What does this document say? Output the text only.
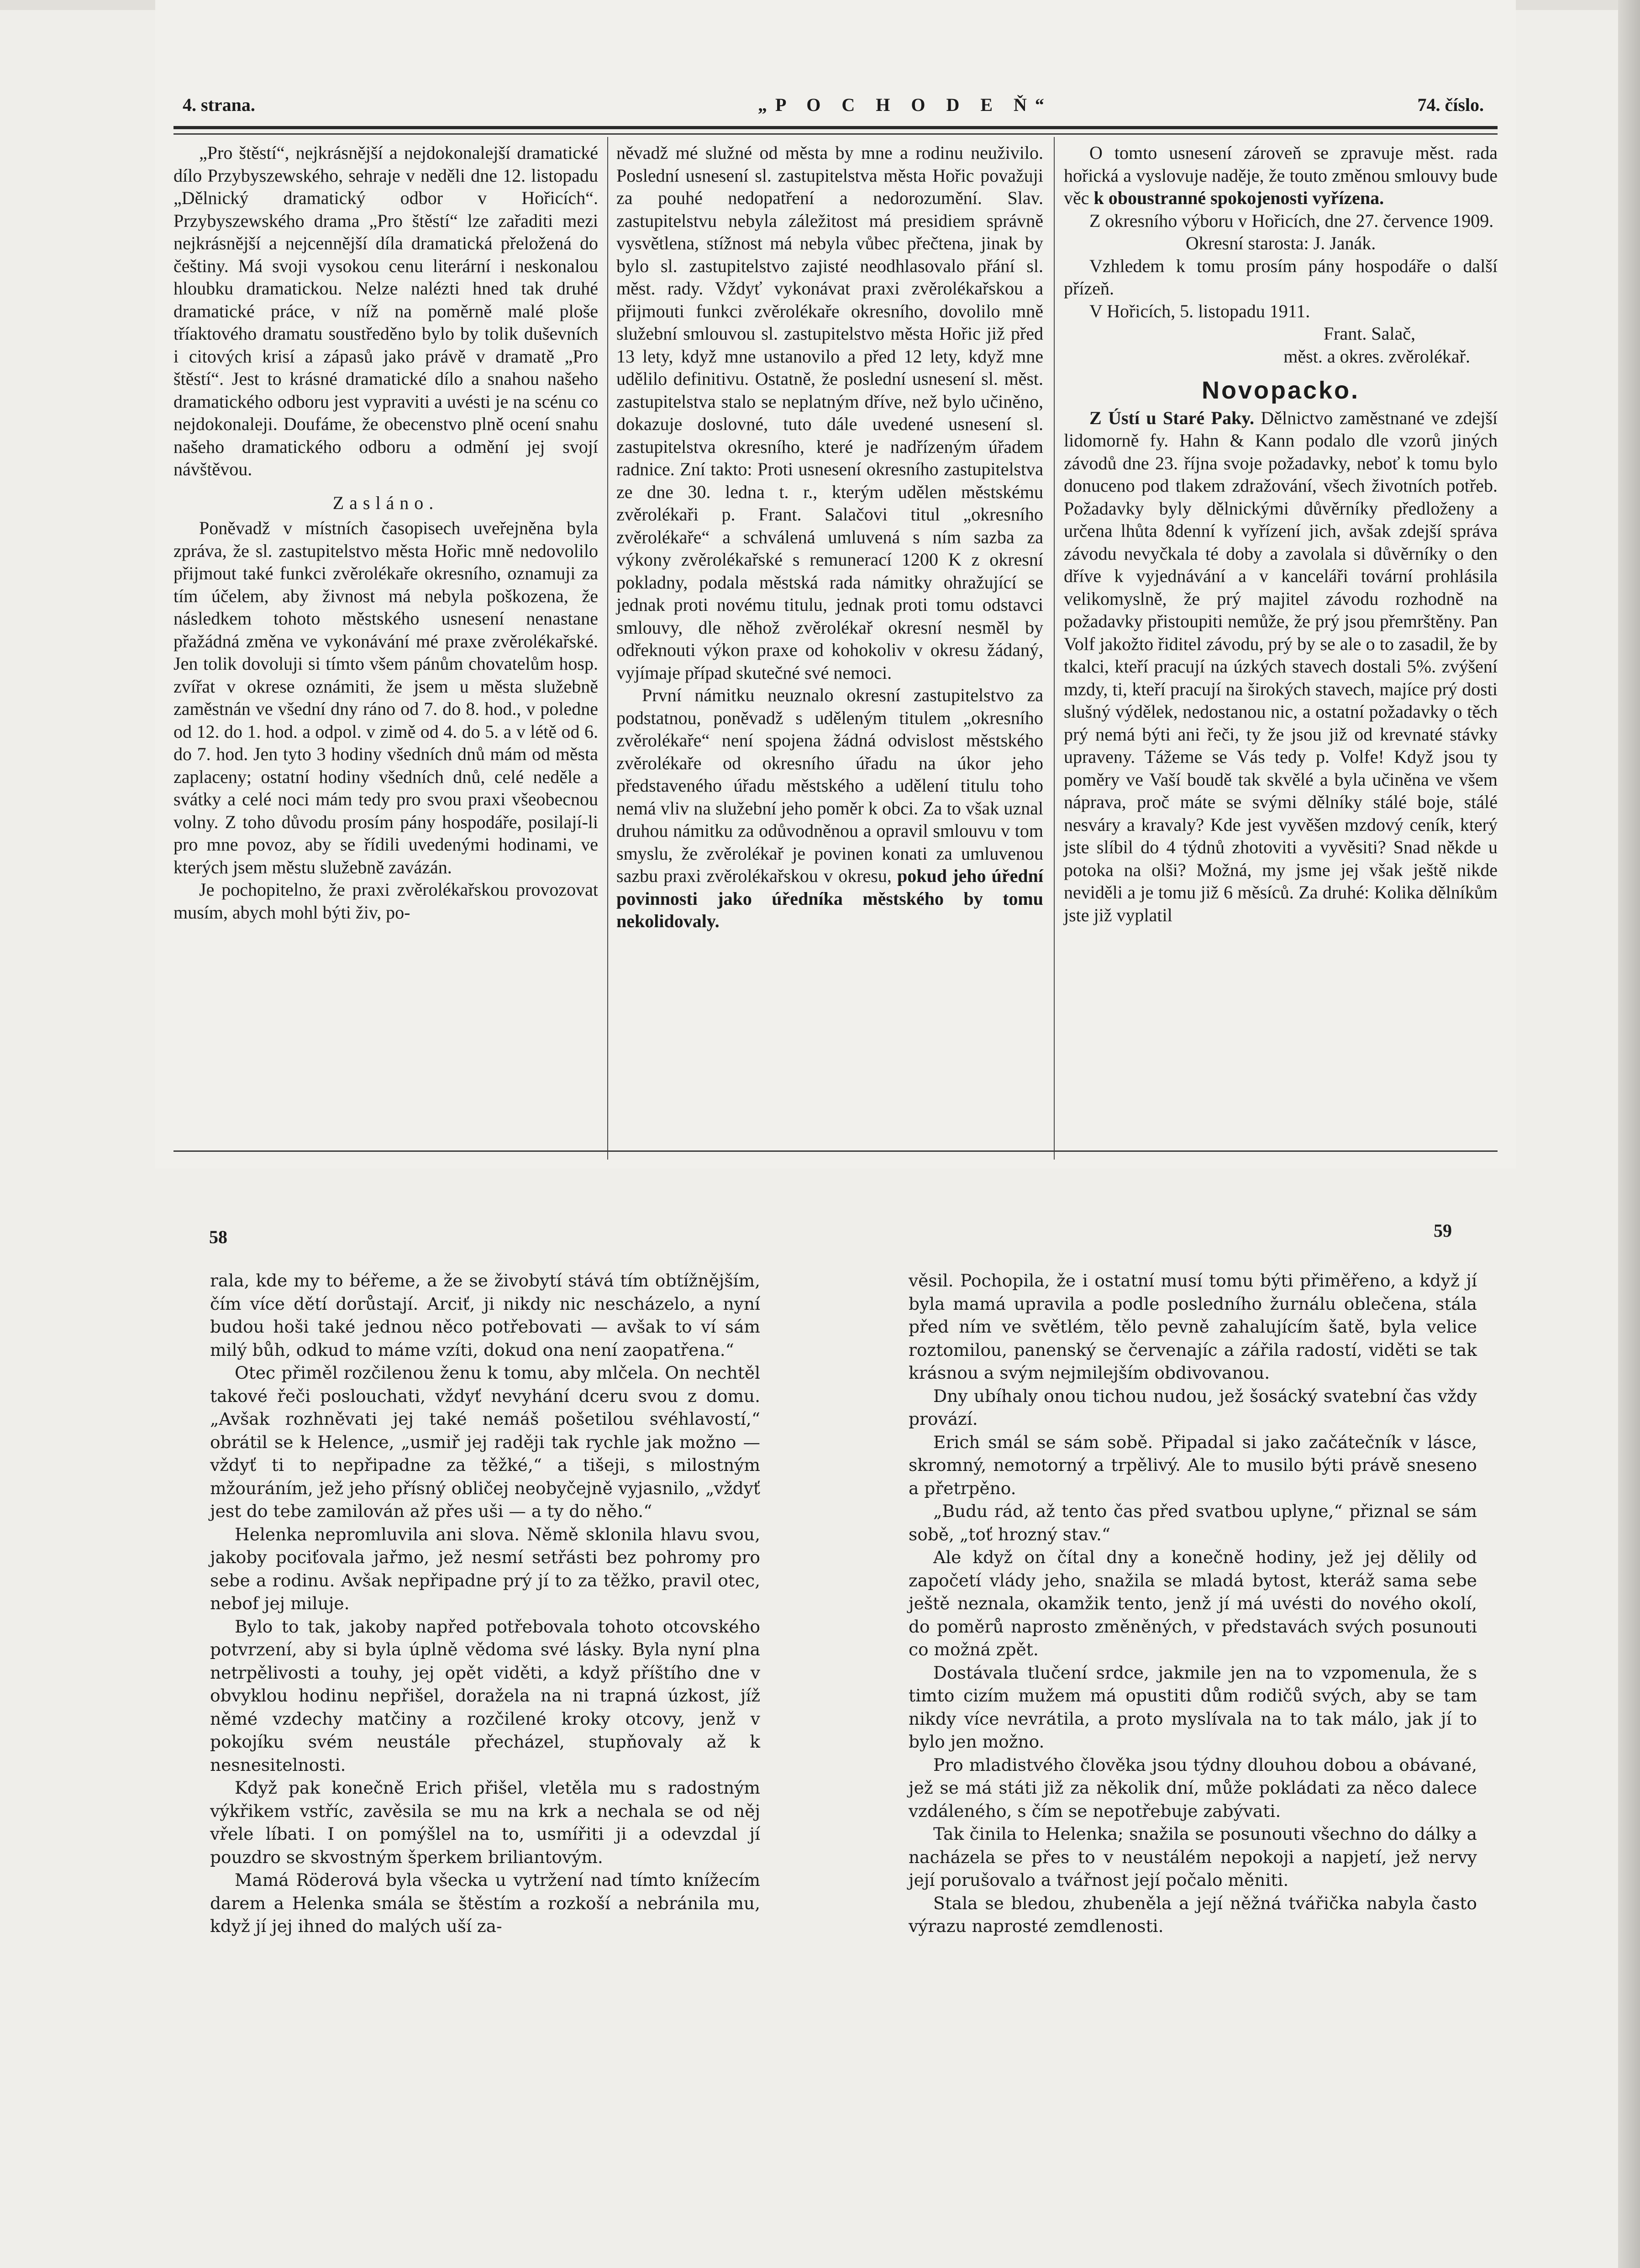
4. strana.	„P O C H O D E Ň“	74. číslo.

„Pro štěstí“, nejkrásnější a nejdokonalejší dramatické dílo Przybyszewského, sehraje v neděli dne 12. listopadu „Dělnický dramatický odbor v Hořicích“. Przybyszewského drama „Pro štěstí“ lze zařaditi mezi nejkrásnější a nejcennější díla dramatická přeložená do češtiny. Má svoji vysokou cenu literární i neskonalou hloubku dramatickou. Nelze nalézti hned tak druhé dramatické práce, v níž na poměrně malé ploše tříaktového dramatu soustředěno bylo by tolik duševních i citových krisí a zápasů jako právě v dramatě „Pro štěstí“. Jest to krásné dramatické dílo a snahou našeho dramatického odboru jest vypraviti a uvésti je na scénu co nejdokonaleji. Doufáme, že obecenstvo plně ocení snahu našeho dramatického odboru a odmění jej svojí návštěvou.

Zasláno.

Poněvadž v místních časopisech uveřejněna byla zpráva, že sl. zastupitelstvo města Hořic mně nedovolilo přijmout také funkci zvěrolékaře okresního, oznamuji za tím účelem, aby živnost má nebyla poškozena, že následkem tohoto městského usnesení nenastane přažádná změna ve vykonávání mé praxe zvěrolékařské. Jen tolik dovoluji si tímto všem pánům chovatelům hosp. zvířat v okrese oznámiti, že jsem u města služebně zaměstnán ve všední dny ráno od 7. do 8. hod., v poledne od 12. do 1. hod. a odpol. v zimě od 4. do 5. a v létě od 6. do 7. hod. Jen tyto 3 hodiny všedních dnů mám od města zaplaceny; ostatní hodiny všedních dnů, celé neděle a svátky a celé noci mám tedy pro svou praxi všeobecnou volny. Z toho důvodu prosím pány hospodáře, posilají-li pro mne povoz, aby se řídili uvedenými hodinami, ve kterých jsem městu služebně zavázán.

Je pochopitelno, že praxi zvěrolékařskou provozovat musím, abych mohl býti živ, po-

něvadž mé služné od města by mne a rodinu neuživilo. Poslední usnesení sl. zastupitelstva města Hořic považuji za pouhé nedopatření a nedorozumění. Slav. zastupitelstvu nebyla záležitost má presidiem správně vysvětlena, stížnost má nebyla vůbec přečtena, jinak by bylo sl. zastupitelstvo zajisté neodhlasovalo přání sl. měst. rady. Vždyť vykonávat praxi zvěrolékařskou a přijmouti funkci zvěrolékaře okresního, dovolilo mně služební smlouvou sl. zastupitelstvo města Hořic již před 13 lety, když mne ustanovilo a před 12 lety, když mne udělilo definitivu. Ostatně, že poslední usnesení sl. měst. zastupitelstva stalo se neplatným dříve, než bylo učiněno, dokazuje doslovné, tuto dále uvedené usnesení sl. zastupitelstva okresního, které je nadřízeným úřadem radnice. Zní takto: Proti usnesení okresního zastupitelstva ze dne 30. ledna t. r., kterým udělen městskému zvěrolékaři p. Frant. Salačovi titul „okresního zvěrolékaře“ a schválená umluvená s ním sazba za výkony zvěrolékařské s remunerací 1200 K z okresní pokladny, podala městská rada námitky ohražující se jednak proti novému titulu, jednak proti tomu odstavci smlouvy, dle něhož zvěrolékař okresní nesměl by odřeknouti výkon praxe od kohokoliv v okresu žádaný, vyjímaje případ skutečné své nemoci.

První námitku neuznalo okresní zastupitelstvo za podstatnou, poněvadž s uděleným titulem „okresního zvěrolékaře“ není spojena žádná odvislost městského zvěrolékaře od okresního úřadu na úkor jeho představeného úřadu městského a udělení titulu toho nemá vliv na služební jeho poměr k obci. Za to však uznal druhou námitku za odůvodněnou a opravil smlouvu v tom smyslu, že zvěrolékař je povinen konati za umluvenou sazbu praxi zvěrolékařskou v okresu, pokud jeho úřední povinnosti jako úředníka městského by tomu nekolidovaly.

O tomto usnesení zároveň se zpravuje měst. rada hořická a vyslovuje naděje, že touto změnou smlouvy bude věc k oboustranné spokojenosti vyřízena.

Z okresního výboru v Hořicích, dne 27. července 1909.

Okresní starosta: J. Janák.

Vzhledem k tomu prosím pány hospodáře o další přízeň.

V Hořicích, 5. listopadu 1911.

Frant. Salač,

měst. a okres. zvěrolékař.

Novopacko.

Z Ústí u Staré Paky. Dělnictvo zaměstnané ve zdejší lidomorně fy. Hahn & Kann podalo dle vzorů jiných závodů dne 23. října svoje požadavky, neboť k tomu bylo donuceno pod tlakem zdražování, všech životních potřeb. Požadavky byly dělnickými důvěrníky předloženy a určena lhůta 8denní k vyřízení jich, avšak zdejší správa závodu nevyčkala té doby a zavolala si důvěrníky o den dříve k vyjednávání a v kanceláři tovární prohlásila velikomyslně, že prý majitel závodu rozhodně na požadavky přistoupiti nemůže, že prý jsou přemrštěny. Pan Volf jakožto řiditel závodu, prý by se ale o to zasadil, že by tkalci, kteří pracují na úzkých stavech dostali 5%. zvýšení mzdy, ti, kteří pracují na širokých stavech, majíce prý dosti slušný výdělek, nedostanou nic, a ostatní požadavky o těch prý nemá býti ani řeči, ty že jsou již od krevnaté stávky upraveny. Tážeme se Vás tedy p. Volfe! Když jsou ty poměry ve Vaší boudě tak skvělé a byla učiněna ve všem náprava, proč máte se svými dělníky stálé boje, stálé nesváry a kravaly? Kde jest vyvěšen mzdový ceník, který jste slíbil do 4 týdnů zhotoviti a vyvěsiti? Snad někde u potoka na olši? Možná, my jsme jej však ještě nikde neviděli a je tomu již 6 měsíců. Za druhé: Kolika dělníkům jste již vyplatil

58	59

rala, kde my to béřeme, a že se živobytí stává tím obtížnějším, čím více dětí dorůstají. Arciť, ji nikdy nic nescházelo, a nyní budou hoši také jednou něco potřebovati — avšak to ví sám milý bůh, odkud to máme vzíti, dokud ona není zaopatřena.“

Otec přiměl rozčilenou ženu k tomu, aby mlčela. On nechtěl takové řeči poslouchati, vždyť nevyhání dceru svou z domu. „Avšak rozhněvati jej také nemáš pošetilou svéhlavostí,“ obrátil se k Helence, „usmiř jej raději tak rychle jak možno — vždyť ti to nepřipadne za těžké,“ a tišeji, s milostným mžouráním, jež jeho přísný obličej neobyčejně vyjasnilo, „vždyť jest do tebe zamilován až přes uši — a ty do něho.“

Helenka nepromluvila ani slova. Němě sklonila hlavu svou, jakoby pociťovala jařmo, jež nesmí setřásti bez pohromy pro sebe a rodinu. Avšak nepřipadne prý jí to za těžko, pravil otec, nebof jej miluje.

Bylo to tak, jakoby napřed potřebovala tohoto otcovského potvrzení, aby si byla úplně vědoma své lásky. Byla nyní plna netrpělivosti a touhy, jej opět viděti, a když příštího dne v obvyklou hodinu nepřišel, doražela na ni trapná úzkost, jíž němé vzdechy matčiny a rozčilené kroky otcovy, jenž v pokojíku svém neustále přecházel, stupňovaly až k nesnesitelnosti.

Když pak konečně Erich přišel, vletěla mu s radostným výkřikem vstříc, zavěsila se mu na krk a nechala se od něj vřele líbati. I on pomýšlel na to, usmířiti ji a odevzdal jí pouzdro se skvostným šperkem briliantovým.

Mamá Röderová byla všecka u vytržení nad tímto knížecím darem a Helenka smála se štěstím a rozkoší a nebránila mu, když jí jej ihned do malých uší za-

věsil. Pochopila, že i ostatní musí tomu býti přiměřeno, a když jí byla mamá upravila a podle posledního žurnálu oblečena, stála před ním ve světlém, tělo pevně zahalujícím šatě, byla velice roztomilou, panenský se červenajíc a zářila radostí, viděti se tak krásnou a svým nejmilejším obdivovanou.

Dny ubíhaly onou tichou nudou, jež šosácký svatební čas vždy provází.

Erich smál se sám sobě. Připadal si jako začátečník v lásce, skromný, nemotorný a trpělivý. Ale to musilo býti právě sneseno a přetrpěno.

„Budu rád, až tento čas před svatbou uplyne,“ přiznal se sám sobě, „toť hrozný stav.“

Ale když on čítal dny a konečně hodiny, jež jej dělily od započetí vlády jeho, snažila se mladá bytost, kteráž sama sebe ještě neznala, okamžik tento, jenž jí má uvésti do nového okolí, do poměrů naprosto změněných, v představách svých posunouti co možná zpět.

Dostávala tlučení srdce, jakmile jen na to vzpomenula, že s timto cizím mužem má opustiti dům rodičů svých, aby se tam nikdy více nevrátila, a proto myslívala na to tak málo, jak jí to bylo jen možno.

Pro mladistvého člověka jsou týdny dlouhou dobou a obávané, jež se má státi již za několik dní, může pokládati za něco dalece vzdáleného, s čím se nepotřebuje zabývati.

Tak činila to Helenka; snažila se posunouti všechno do dálky a nacházela se přes to v neustálém nepokoji a napjetí, jež nervy její porušovalo a tvářnost její počalo měniti.

Stala se bledou, zhubeněla a její něžná tvářička nabyla často výrazu naprosté zemdlenosti.
